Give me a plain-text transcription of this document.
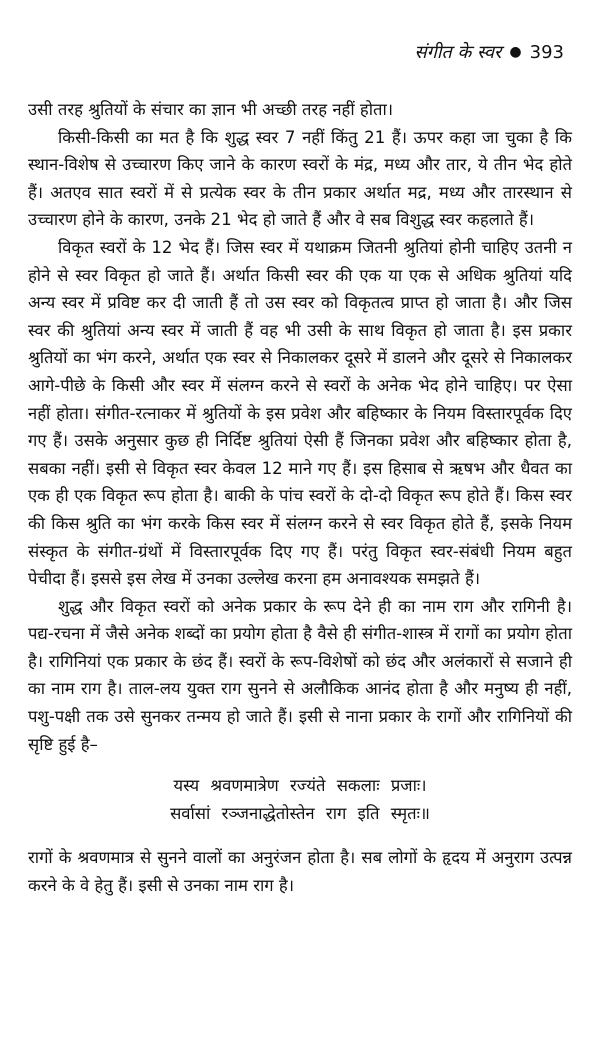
संगीत के स्वर ● 393

उसी तरह श्रुतियों के संचार का ज्ञान भी अच्छी तरह नहीं होता।

किसी-किसी का मत है कि शुद्ध स्वर 7 नहीं किंतु 21 हैं। ऊपर कहा जा चुका है कि स्थान-विशेष से उच्चारण किए जाने के कारण स्वरों के मंद्र, मध्य और तार, ये तीन भेद होते हैं। अतएव सात स्वरों में से प्रत्येक स्वर के तीन प्रकार अर्थात मद्र, मध्य और तारस्थान से उच्चारण होने के कारण, उनके 21 भेद हो जाते हैं और वे सब विशुद्ध स्वर कहलाते हैं।

विकृत स्वरों के 12 भेद हैं। जिस स्वर में यथाक्रम जितनी श्रुतियां होनी चाहिए उतनी न होने से स्वर विकृत हो जाते हैं। अर्थात किसी स्वर की एक या एक से अधिक श्रुतियां यदि अन्य स्वर में प्रविष्ट कर दी जाती हैं तो उस स्वर को विकृतत्व प्राप्त हो जाता है। और जिस स्वर की श्रुतियां अन्य स्वर में जाती हैं वह भी उसी के साथ विकृत हो जाता है। इस प्रकार श्रुतियों का भंग करने, अर्थात एक स्वर से निकालकर दूसरे में डालने और दूसरे से निकालकर आगे-पीछे के किसी और स्वर में संलग्न करने से स्वरों के अनेक भेद होने चाहिए। पर ऐसा नहीं होता। संगीत-रत्नाकर में श्रुतियों के इस प्रवेश और बहिष्कार के नियम विस्तारपूर्वक दिए गए हैं। उसके अनुसार कुछ ही निर्दिष्ट श्रुतियां ऐसी हैं जिनका प्रवेश और बहिष्कार होता है, सबका नहीं। इसी से विकृत स्वर केवल 12 माने गए हैं। इस हिसाब से ऋषभ और धैवत का एक ही एक विकृत रूप होता है। बाकी के पांच स्वरों के दो-दो विकृत रूप होते हैं। किस स्वर की किस श्रुति का भंग करके किस स्वर में संलग्न करने से स्वर विकृत होते हैं, इसके नियम संस्कृत के संगीत-ग्रंथों में विस्तारपूर्वक दिए गए हैं। परंतु विकृत स्वर-संबंधी नियम बहुत पेचीदा हैं। इससे इस लेख में उनका उल्लेख करना हम अनावश्यक समझते हैं।

शुद्ध और विकृत स्वरों को अनेक प्रकार के रूप देने ही का नाम राग और रागिनी है। पद्य-रचना में जैसे अनेक शब्दों का प्रयोग होता है वैसे ही संगीत-शास्त्र में रागों का प्रयोग होता है। रागिनियां एक प्रकार के छंद हैं। स्वरों के रूप-विशेषों को छंद और अलंकारों से सजाने ही का नाम राग है। ताल-लय युक्त राग सुनने से अलौकिक आनंद होता है और मनुष्य ही नहीं, पशु-पक्षी तक उसे सुनकर तन्मय हो जाते हैं। इसी से नाना प्रकार के रागों और रागिनियों की सृष्टि हुई है–

यस्य श्रवणमात्रेण रज्यंते सकलाः प्रजाः।
सर्वासां रञ्जनाद्धेतोस्तेन राग इति स्मृतः॥

रागों के श्रवणमात्र से सुनने वालों का अनुरंजन होता है। सब लोगों के हृदय में अनुराग उत्पन्न करने के वे हेतु हैं। इसी से उनका नाम राग है।
